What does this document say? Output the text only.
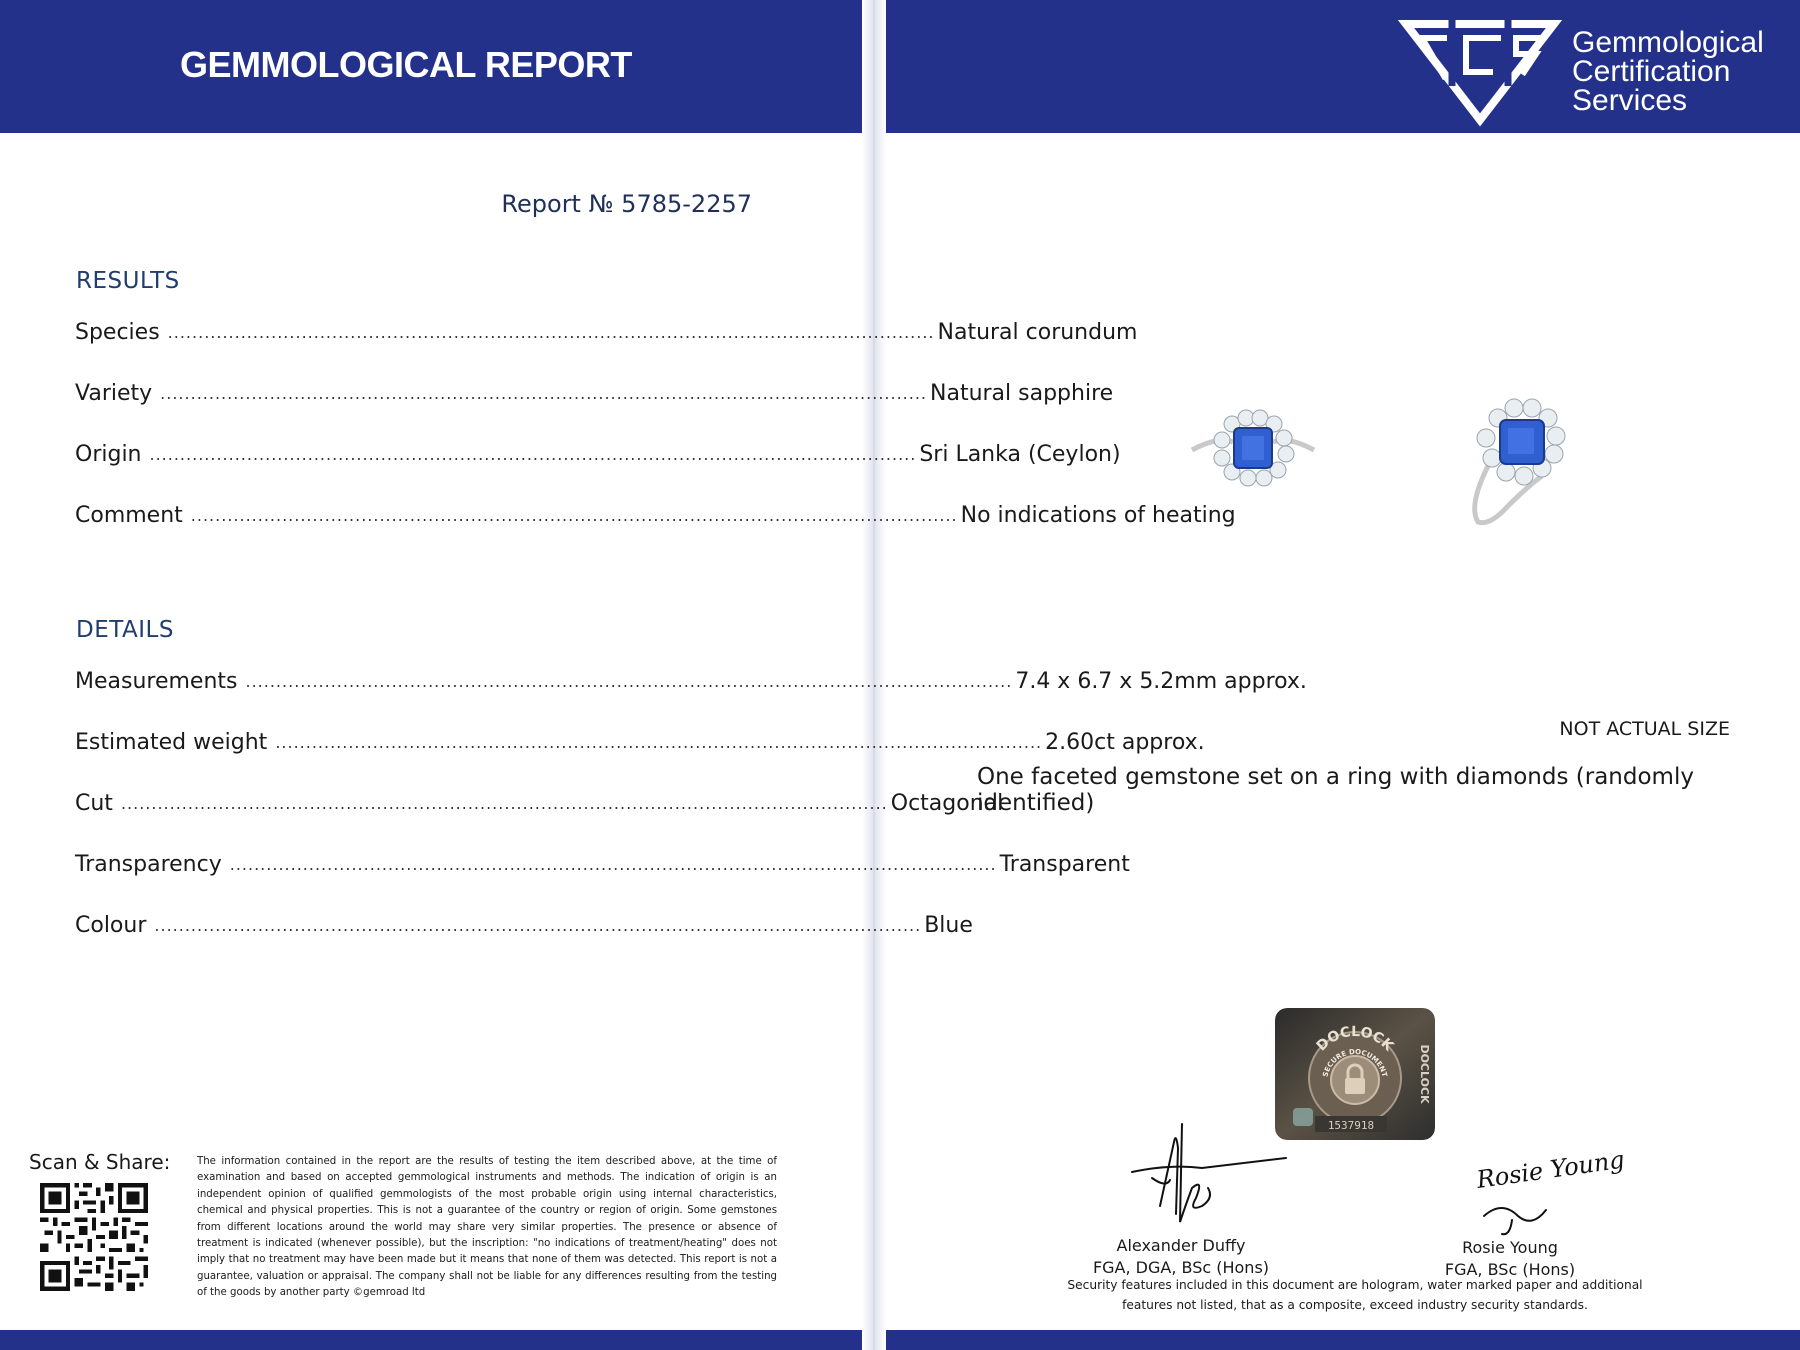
GEMMOLOGICAL REPORT
Gemmological
Certification
Services
Report № 5785-2257
RESULTS
Species .............................................................................................................................. Natural corundum
Variety .............................................................................................................................. Natural sapphire
Origin .............................................................................................................................. Sri Lanka (Ceylon)
Comment .............................................................................................................................. No indications of heating
DETAILS
Measurements .............................................................................................................................. 7.4 x 6.7 x 5.2mm approx.
Estimated weight .............................................................................................................................. 2.60ct approx.
Cut .............................................................................................................................. Octagonal
Transparency .............................................................................................................................. Transparent
Colour .............................................................................................................................. Blue
Scan & Share:	The information contained in the report are the results of testing the item described above, at the time of examination and based on accepted gemmological instruments and methods. The indication of origin is an independent opinion of qualified gemmologists of the most probable origin using internal characteristics, chemical and physical properties. This is not a guarantee of the country or region of origin. Some gemstones from different locations around the world may share very similar properties. The presence or absence of treatment is indicated (whenever possible), but the inscription: "no indications of treatment/heating" does not imply that no treatment may have been made but it means that none of them was detected. This report is not a guarantee, valuation or appraisal. The company shall not be liable for any differences resulting from the testing of the goods by another party ©gemroad ltd
NOT ACTUAL SIZE
One faceted gemstone set on a ring with diamonds (randomly identified)
DOCLOCK
SECURE DOCUMENT	DOCLOCK
1537918
Rosie Young
Alexander Duffy
FGA, DGA, BSc (Hons)
Rosie Young
FGA, BSc (Hons)
Security features included in this document are hologram, water marked paper and additional features not listed, that as a composite, exceed industry security standards.
